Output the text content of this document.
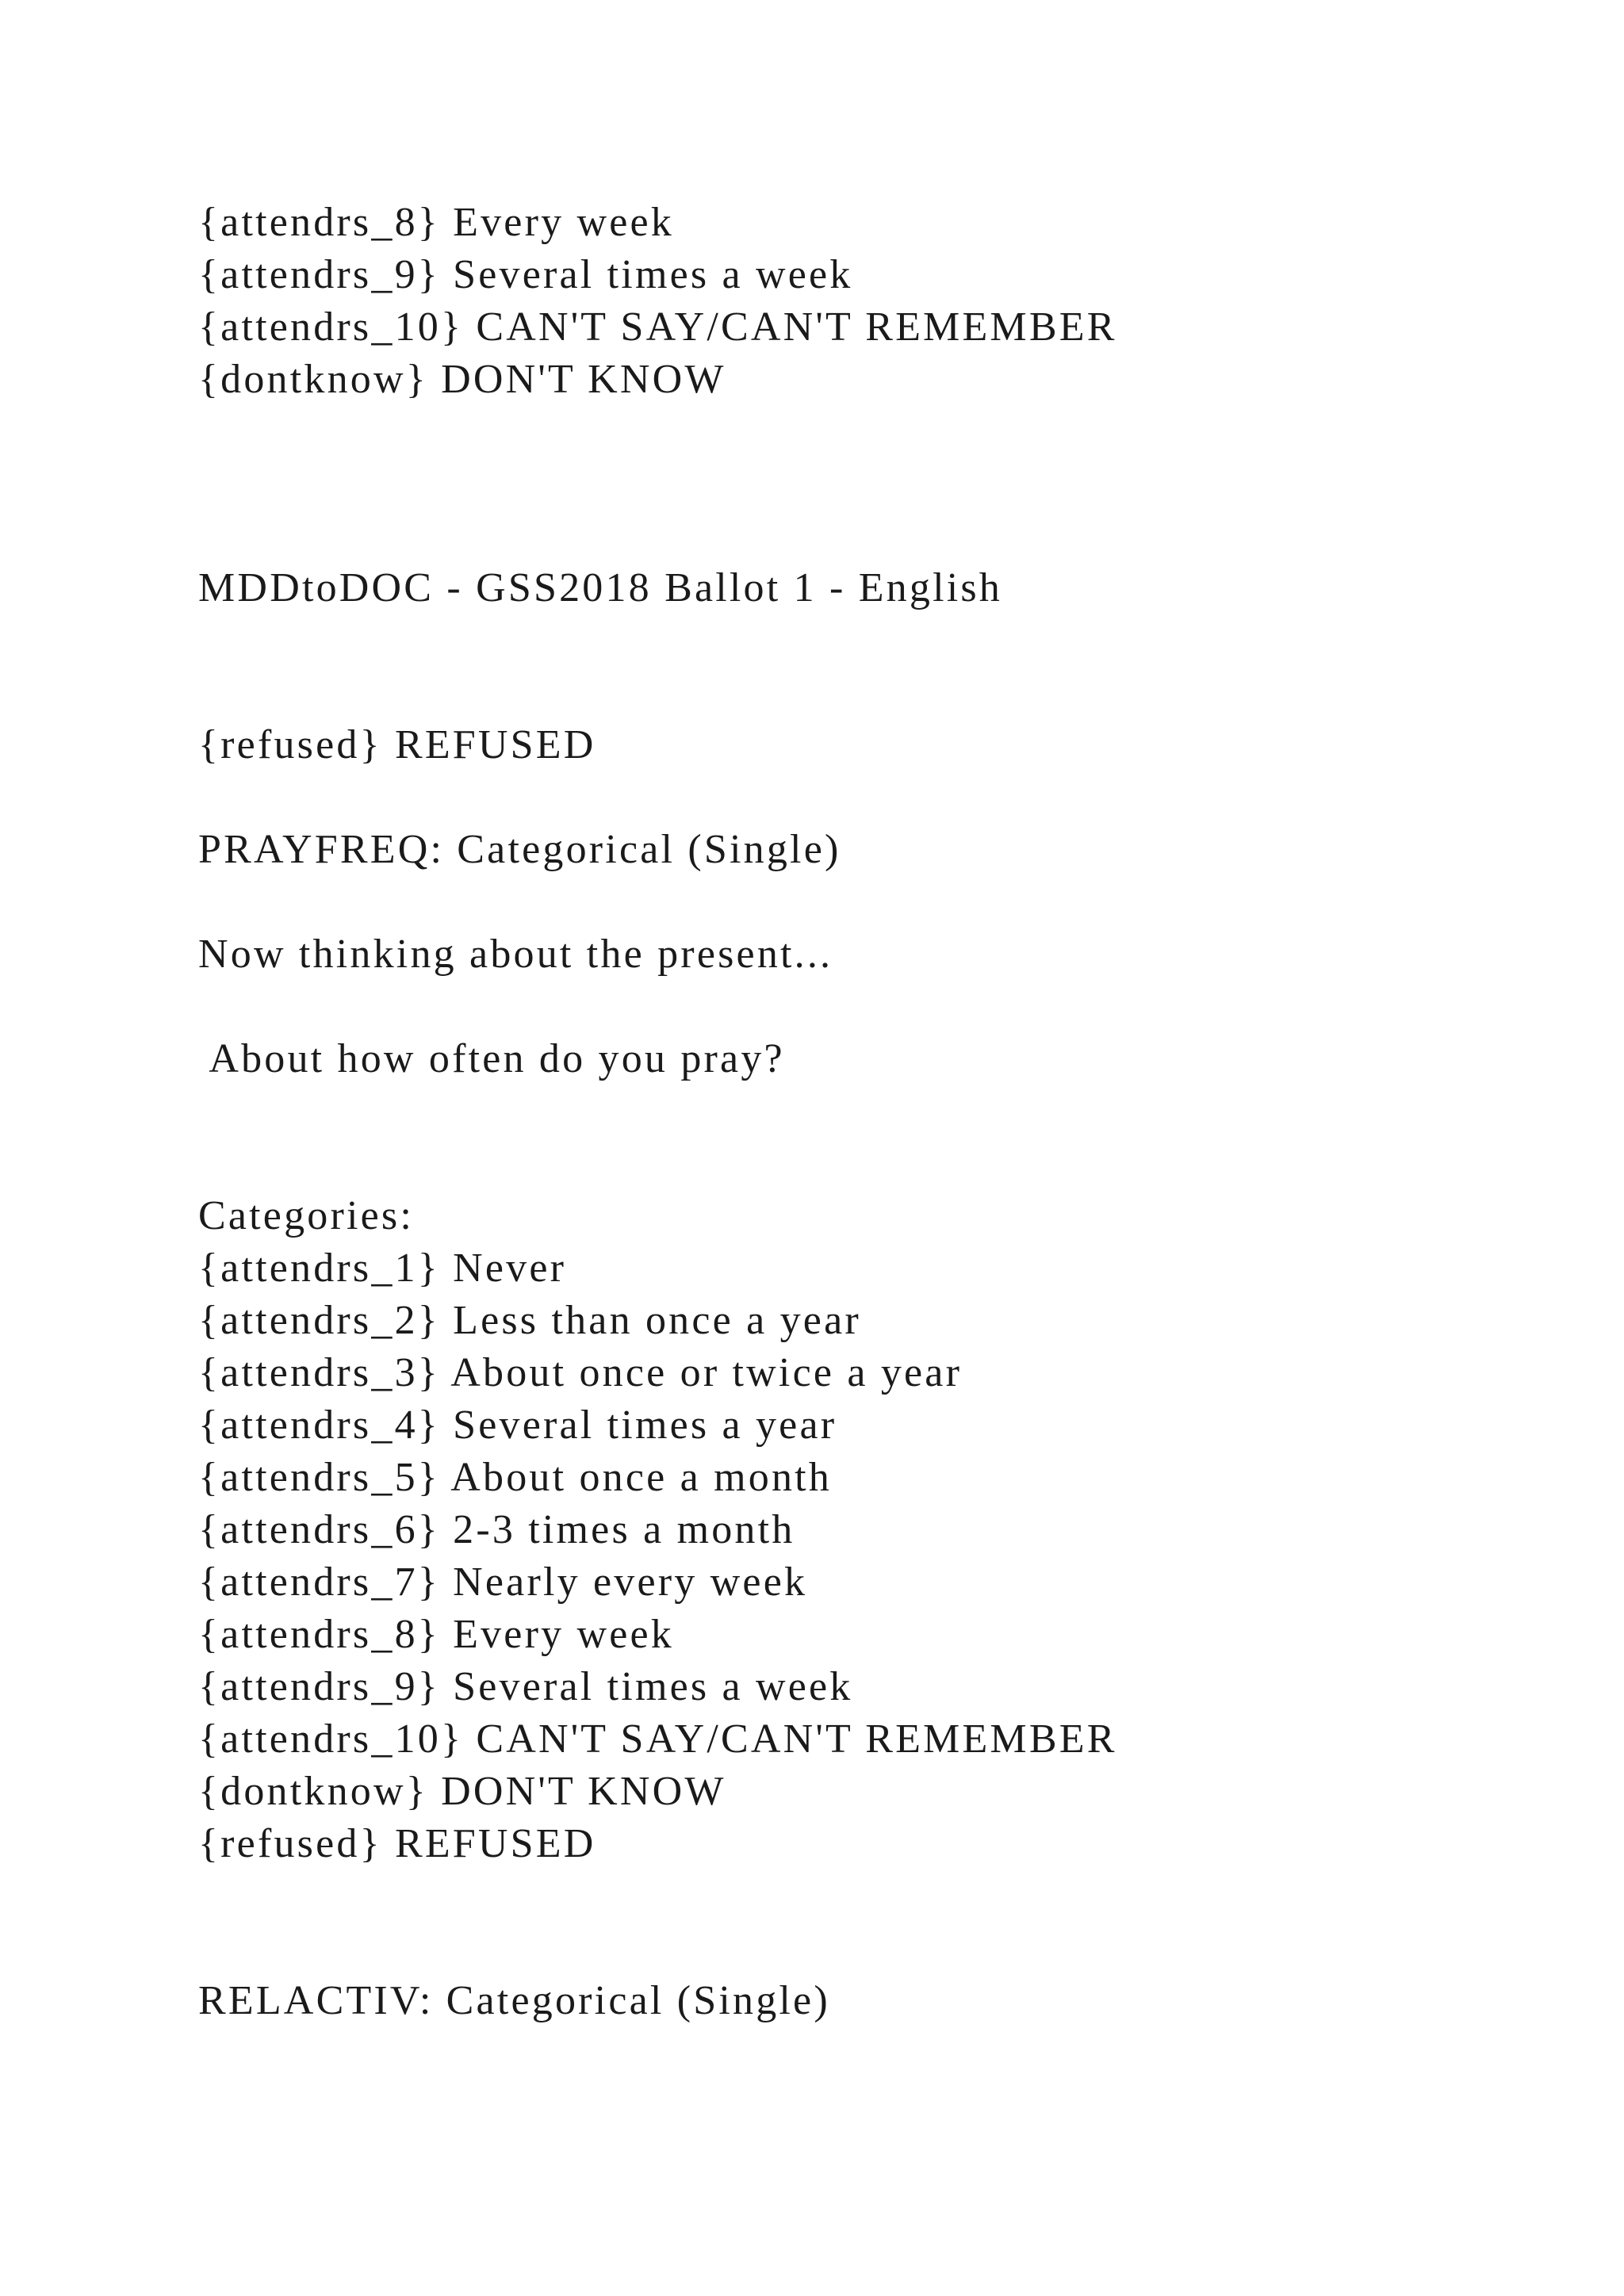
{attendrs_8} Every week
{attendrs_9} Several times a week
{attendrs_10} CAN'T SAY/CAN'T REMEMBER
{dontknow} DON'T KNOW
MDDtoDOC - GSS2018 Ballot 1 - English
{refused} REFUSED
PRAYFREQ: Categorical (Single)
Now thinking about the present...
About how often do you pray?
Categories:
{attendrs_1} Never
{attendrs_2} Less than once a year
{attendrs_3} About once or twice a year
{attendrs_4} Several times a year
{attendrs_5} About once a month
{attendrs_6} 2-3 times a month
{attendrs_7} Nearly every week
{attendrs_8} Every week
{attendrs_9} Several times a week
{attendrs_10} CAN'T SAY/CAN'T REMEMBER
{dontknow} DON'T KNOW
{refused} REFUSED
RELACTIV: Categorical (Single)
